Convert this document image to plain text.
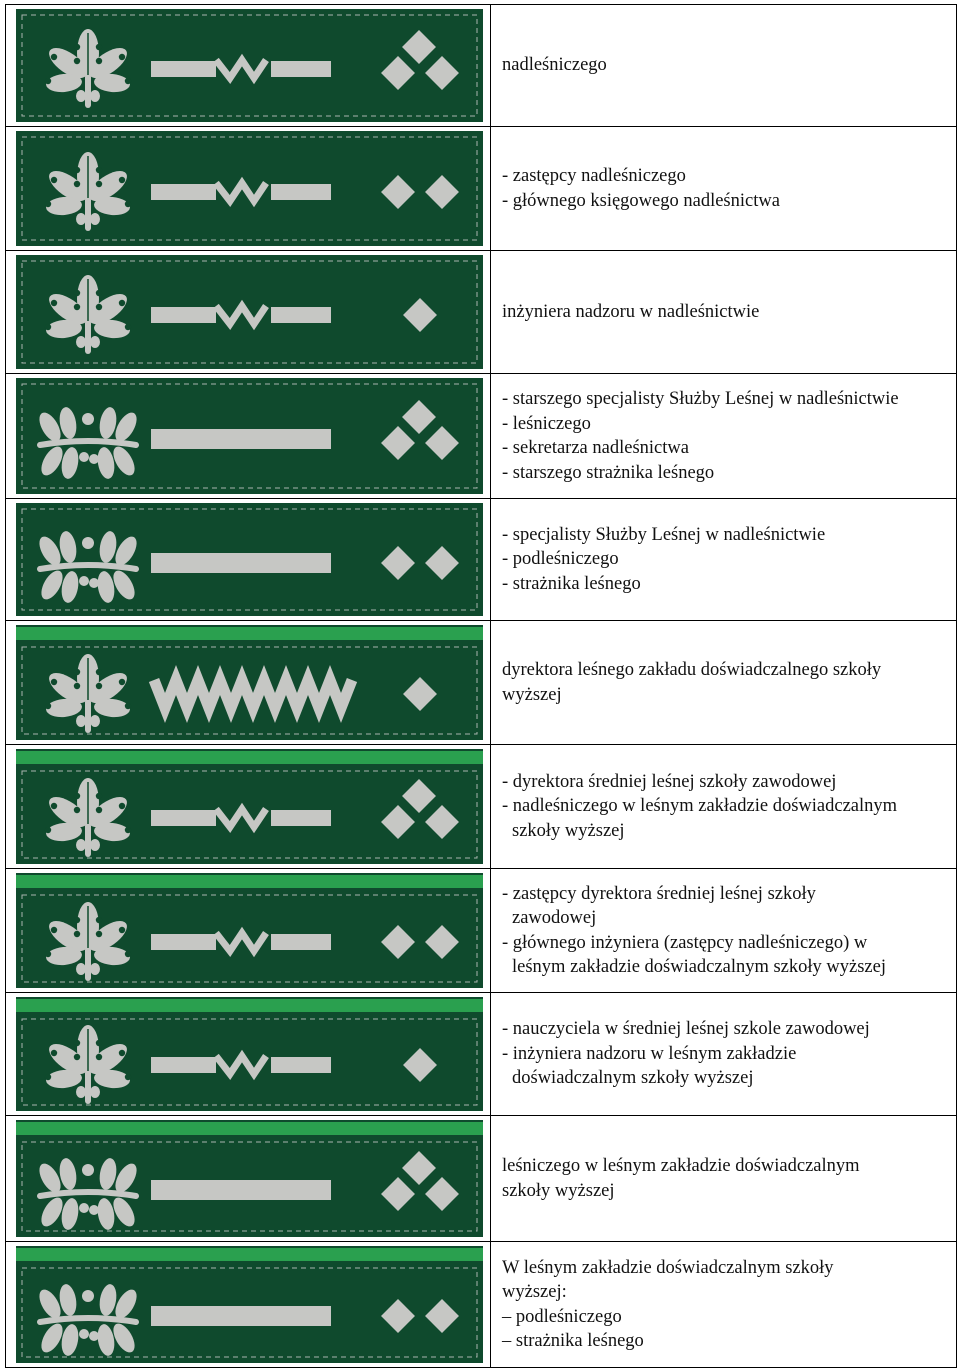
nadleśniczego

- zastępcy nadleśniczego
- głównego księgowego nadleśnictwa

inżyniera nadzoru w nadleśnictwie

- starszego specjalisty Służby Leśnej w nadleśnictwie
- leśniczego
- sekretarza nadleśnictwa
- starszego strażnika leśnego

- specjalisty Służby Leśnej w nadleśnictwie
- podleśniczego
- strażnika leśnego

dyrektora leśnego zakładu doświadczalnego szkoły
wyższej

- dyrektora średniej leśnej szkoły zawodowej
- nadleśniczego w leśnym zakładzie doświadczalnym
szkoły wyższej

- zastępcy dyrektora średniej leśnej szkoły
zawodowej
- głównego inżyniera (zastępcy nadleśniczego) w
leśnym zakładzie doświadczalnym szkoły wyższej

- nauczyciela w średniej leśnej szkole zawodowej
- inżyniera nadzoru w leśnym zakładzie
doświadczalnym szkoły wyższej

leśniczego w leśnym zakładzie doświadczalnym
szkoły wyższej

W leśnym zakładzie doświadczalnym szkoły
wyższej:
– podleśniczego
– strażnika leśnego
